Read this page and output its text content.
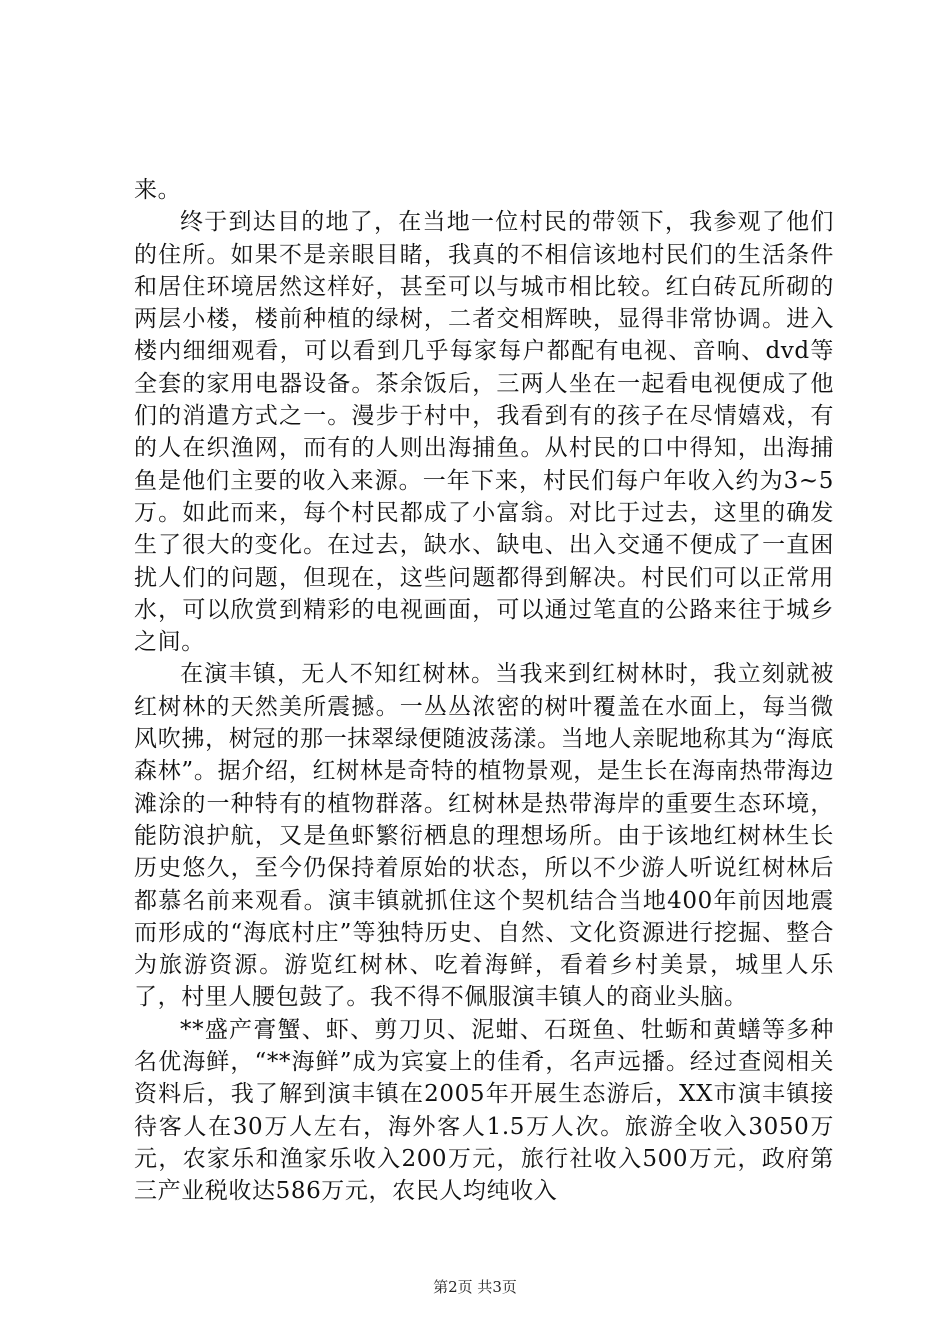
来。

终于到达目的地了，在当地一位村民的带领下，我参观了他们的住所。如果不是亲眼目睹，我真的不相信该地村民们的生活条件和居住环境居然这样好，甚至可以与城市相比较。红白砖瓦所砌的两层小楼，楼前种植的绿树，二者交相辉映，显得非常协调。进入楼内细细观看，可以看到几乎每家每户都配有电视、音响、dvd等全套的家用电器设备。茶余饭后，三两人坐在一起看电视便成了他们的消遣方式之一。漫步于村中，我看到有的孩子在尽情嬉戏，有的人在织渔网，而有的人则出海捕鱼。从村民的口中得知，出海捕鱼是他们主要的收入来源。一年下来，村民们每户年收入约为3~5万。如此而来，每个村民都成了小富翁。对比于过去，这里的确发生了很大的变化。在过去，缺水、缺电、出入交通不便成了一直困扰人们的问题，但现在，这些问题都得到解决。村民们可以正常用水，可以欣赏到精彩的电视画面，可以通过笔直的公路来往于城乡之间。

在演丰镇，无人不知红树林。当我来到红树林时，我立刻就被红树林的天然美所震撼。一丛丛浓密的树叶覆盖在水面上，每当微风吹拂，树冠的那一抹翠绿便随波荡漾。当地人亲昵地称其为“海底森林”。据介绍，红树林是奇特的植物景观，是生长在海南热带海边滩涂的一种特有的植物群落。红树林是热带海岸的重要生态环境，能防浪护航，又是鱼虾繁衍栖息的理想场所。由于该地红树林生长历史悠久，至今仍保持着原始的状态，所以不少游人听说红树林后都慕名前来观看。演丰镇就抓住这个契机结合当地400年前因地震而形成的“海底村庄”等独特历史、自然、文化资源进行挖掘、整合为旅游资源。游览红树林、吃着海鲜，看着乡村美景，城里人乐了，村里人腰包鼓了。我不得不佩服演丰镇人的商业头脑。

**盛产膏蟹、虾、剪刀贝、泥蚶、石斑鱼、牡蛎和黄蟮等多种名优海鲜，“**海鲜”成为宾宴上的佳肴，名声远播。经过查阅相关资料后，我了解到演丰镇在2005年开展生态游后，XX市演丰镇接待客人在30万人左右，海外客人1.5万人次。旅游全收入3050万元，农家乐和渔家乐收入200万元，旅行社收入500万元，政府第三产业税收达586万元，农民人均纯收入

第2页 共3页
